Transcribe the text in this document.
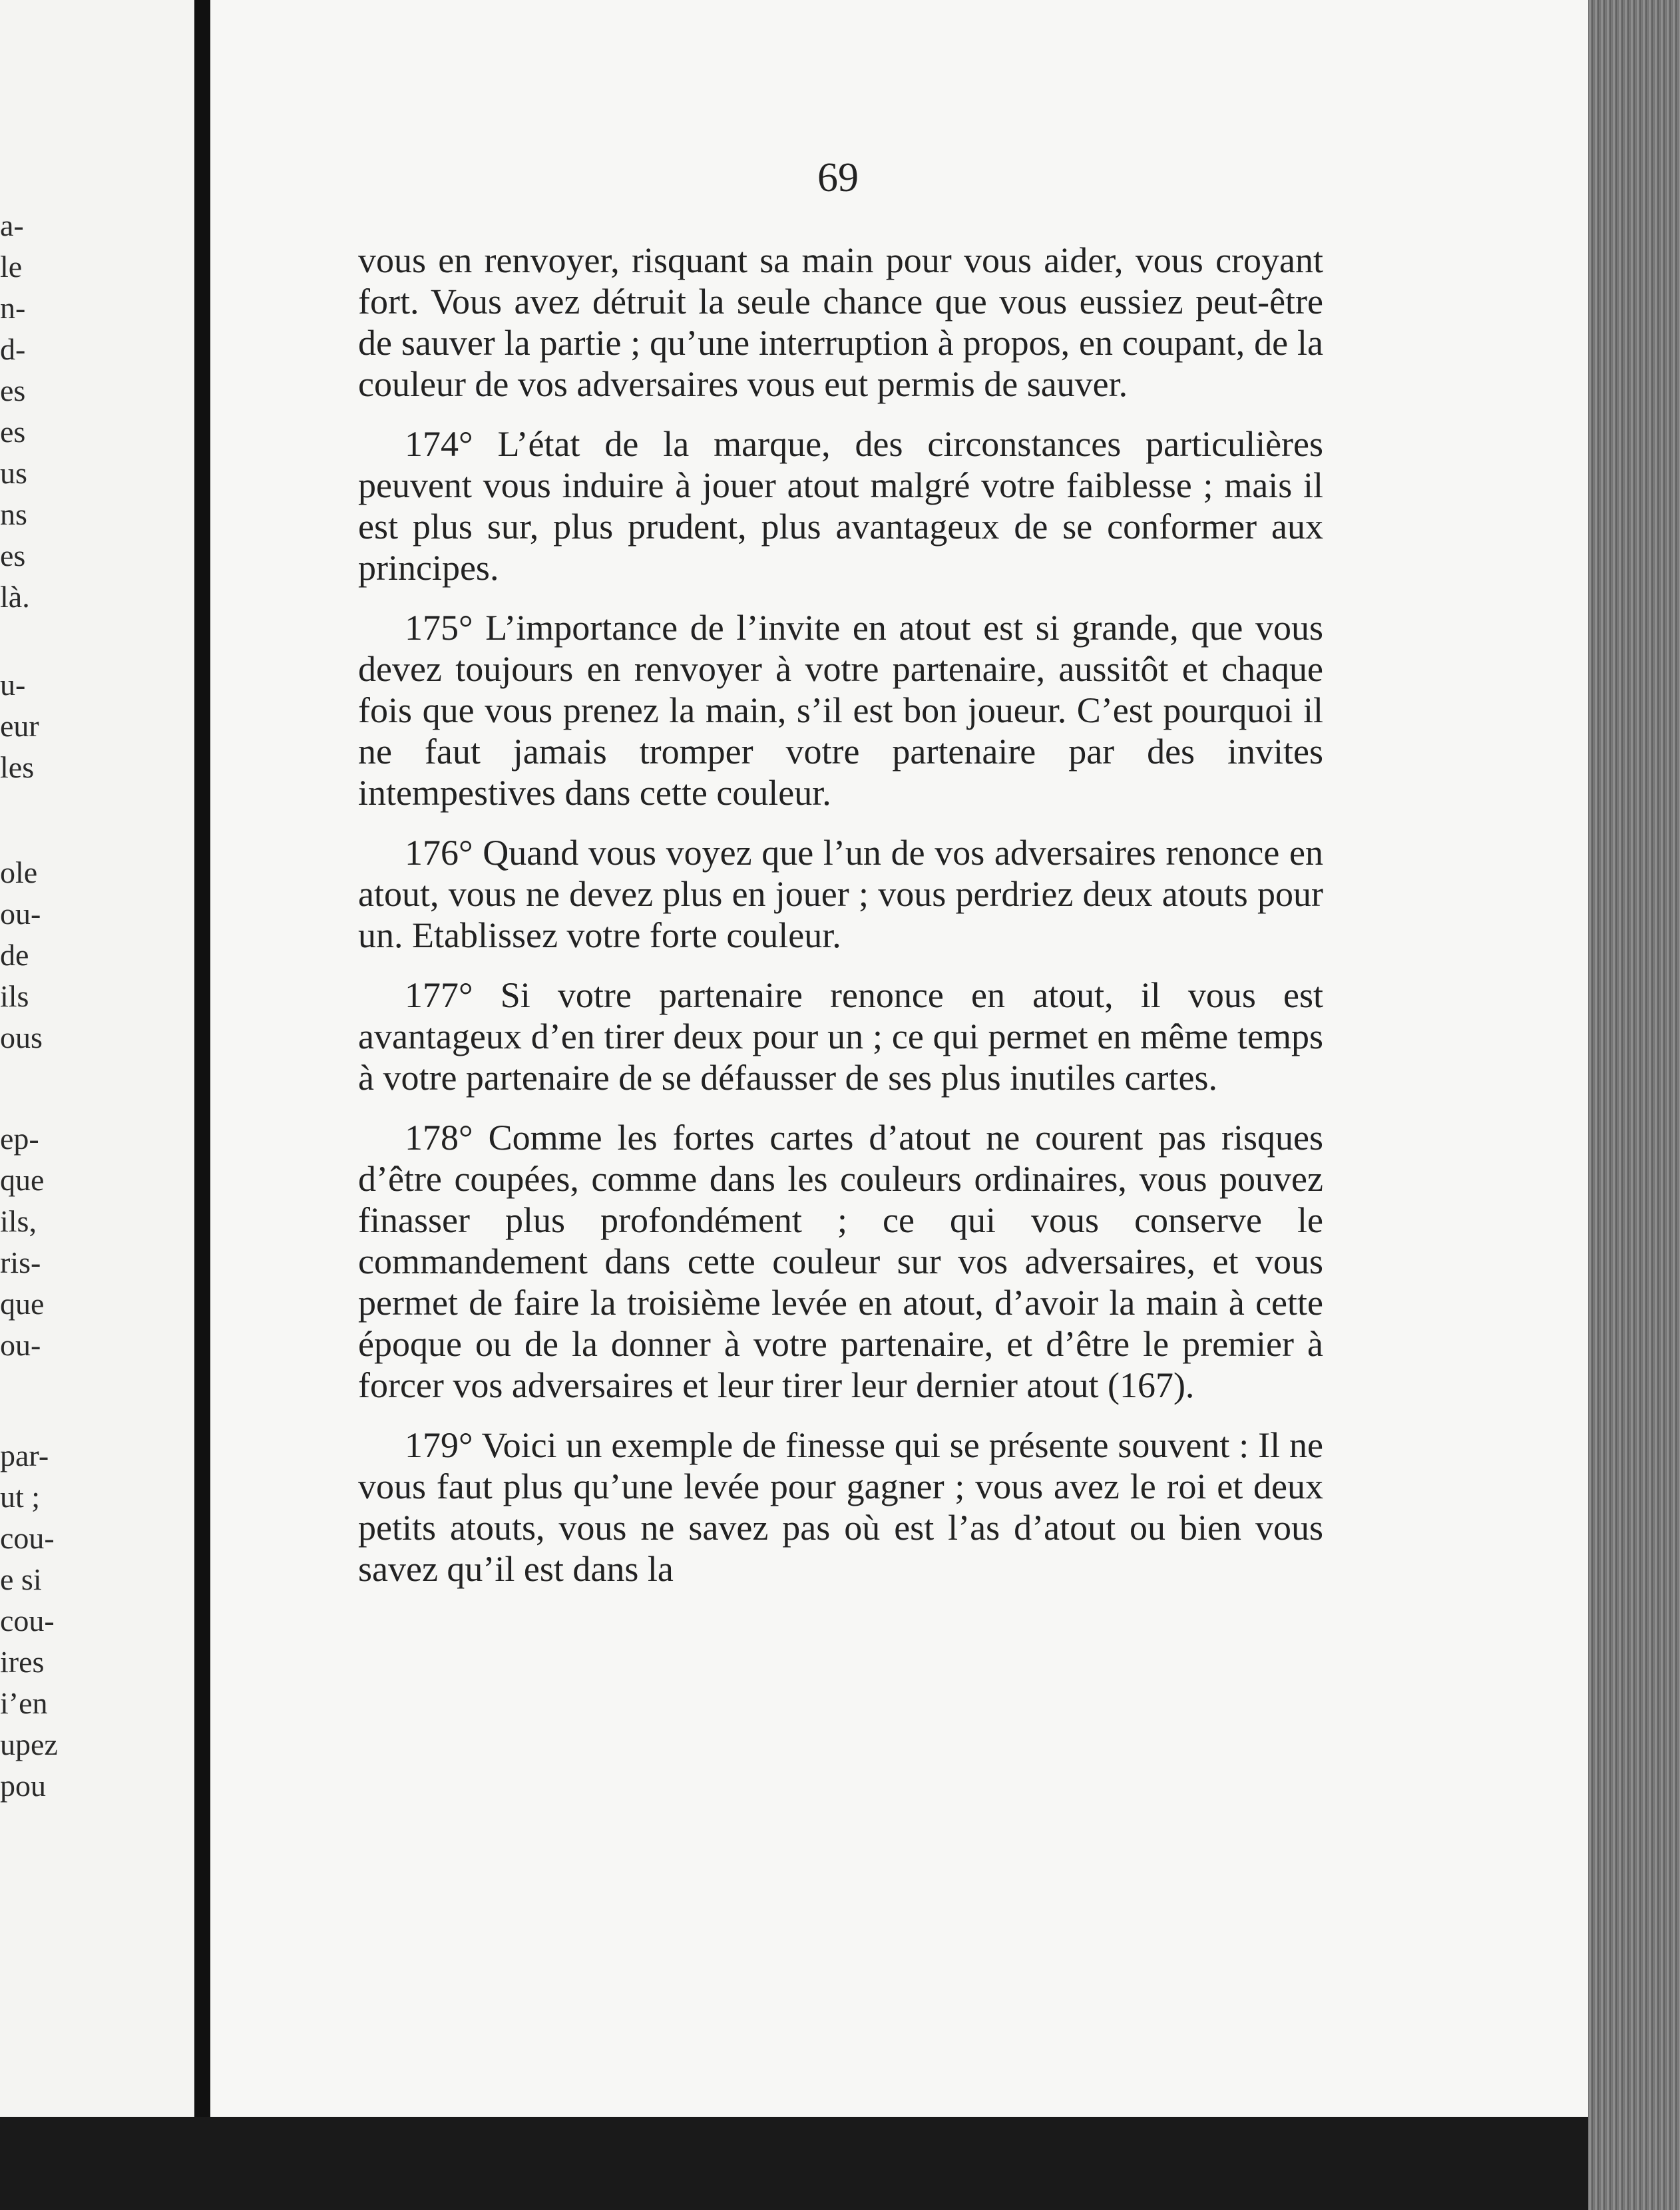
a-
le
n-
d-
es
es
us
ns
es
là.
u-
eur
les
ole
ou-
de
ils
ous
ep-
que
ils,
ris-
que
ou-
par-
ut ;
cou-
e si
cou-
ires
i’en
upez
pou
69

vous en renvoyer, risquant sa main pour vous aider, vous croyant fort. Vous avez détruit la seule chance que vous eussiez peut-être de sauver la partie ; qu’une interruption à propos, en coupant, de la couleur de vos adversaires vous eut permis de sauver.

174° L’état de la marque, des circonstances particulières peuvent vous induire à jouer atout malgré votre faiblesse ; mais il est plus sur, plus prudent, plus avantageux de se conformer aux principes.

175° L’importance de l’invite en atout est si grande, que vous devez toujours en renvoyer à votre partenaire, aussitôt et chaque fois que vous prenez la main, s’il est bon joueur. C’est pourquoi il ne faut jamais tromper votre partenaire par des invites intempestives dans cette couleur.

176° Quand vous voyez que l’un de vos adversaires renonce en atout, vous ne devez plus en jouer ; vous perdriez deux atouts pour un. Etablissez votre forte couleur.

177° Si votre partenaire renonce en atout, il vous est avantageux d’en tirer deux pour un ; ce qui permet en même temps à votre partenaire de se défausser de ses plus inutiles cartes.

178° Comme les fortes cartes d’atout ne courent pas risques d’être coupées, comme dans les couleurs ordinaires, vous pouvez finasser plus profondément ; ce qui vous conserve le commandement dans cette couleur sur vos adversaires, et vous permet de faire la troisième levée en atout, d’avoir la main à cette époque ou de la donner à votre partenaire, et d’être le premier à forcer vos adversaires et leur tirer leur dernier atout (167).

179° Voici un exemple de finesse qui se présente souvent : Il ne vous faut plus qu’une levée pour gagner ; vous avez le roi et deux petits atouts, vous ne savez pas où est l’as d’atout ou bien vous savez qu’il est dans la
